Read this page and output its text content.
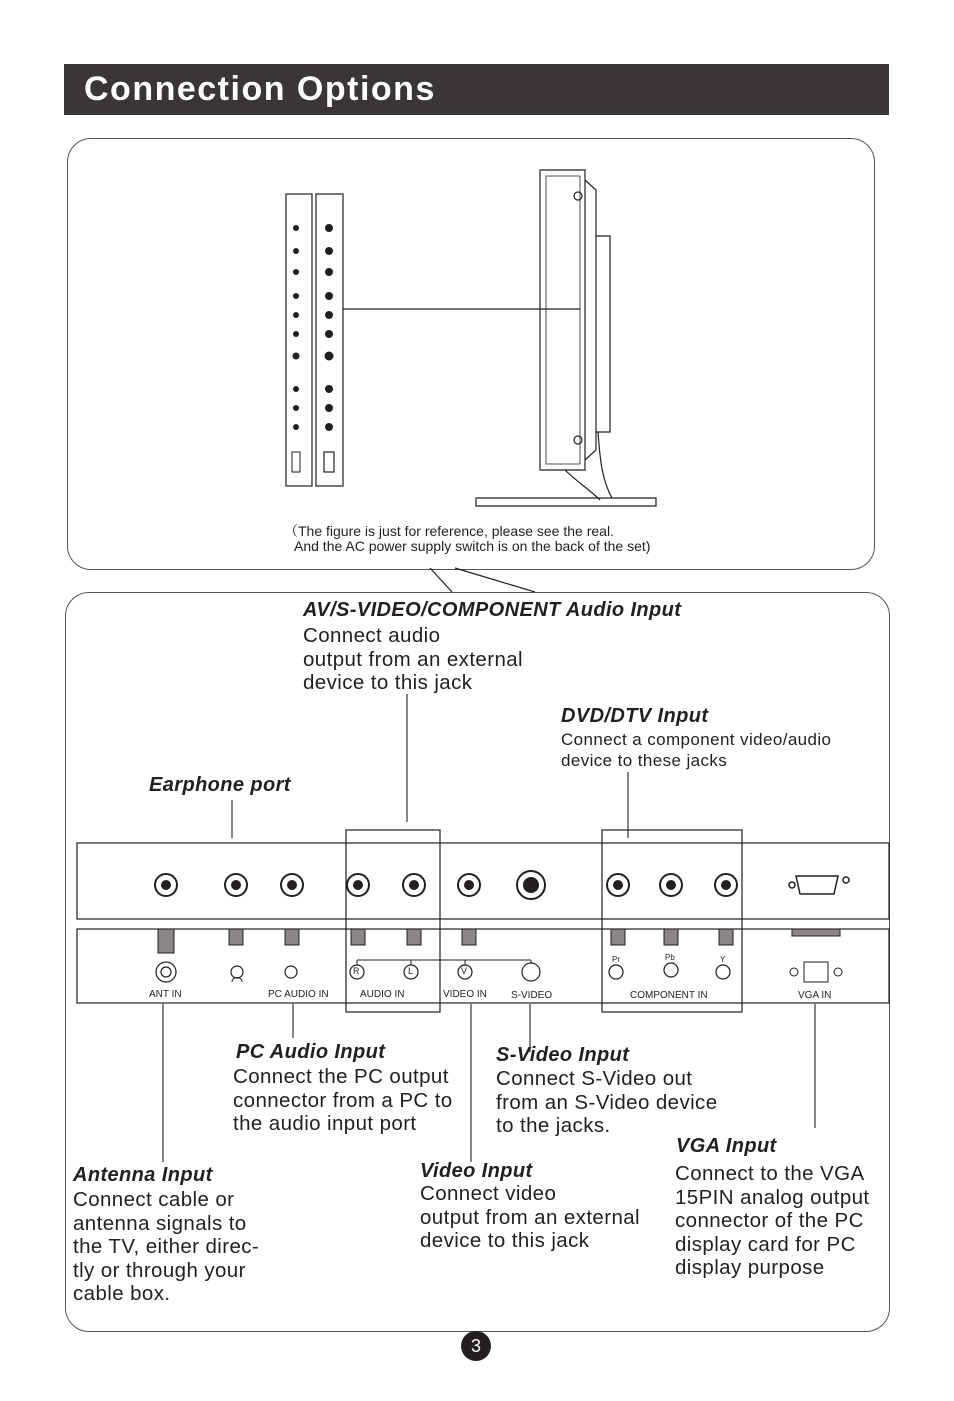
Connection Options
（The figure is just for reference, please see the real.
And the AC power supply switch is on the back of the set)
AV/S-VIDEO/COMPONENT Audio Input
Connect audio
output from an external
device to this jack
DVD/DTV Input
Connect a component video/audio
device to these jacks
Earphone port
PC Audio Input
Connect the PC output
connector from a PC to
the audio input port
S-Video Input
Connect S-Video out
from an S-Video device
to the jacks.
VGA Input
Connect to the VGA
15PIN analog output
connector of the PC
display card for PC
display purpose
Antenna Input
Connect cable or
antenna signals to
the TV, either direc-
tly or through your
cable box.
Video Input
Connect video
output from an external
device to this jack
ANT IN	PC AUDIO IN	AUDIO IN	VIDEO IN S-VIDEO	COMPONENT IN	VGA IN
R	L	V
Pr	Pb	Y
3
